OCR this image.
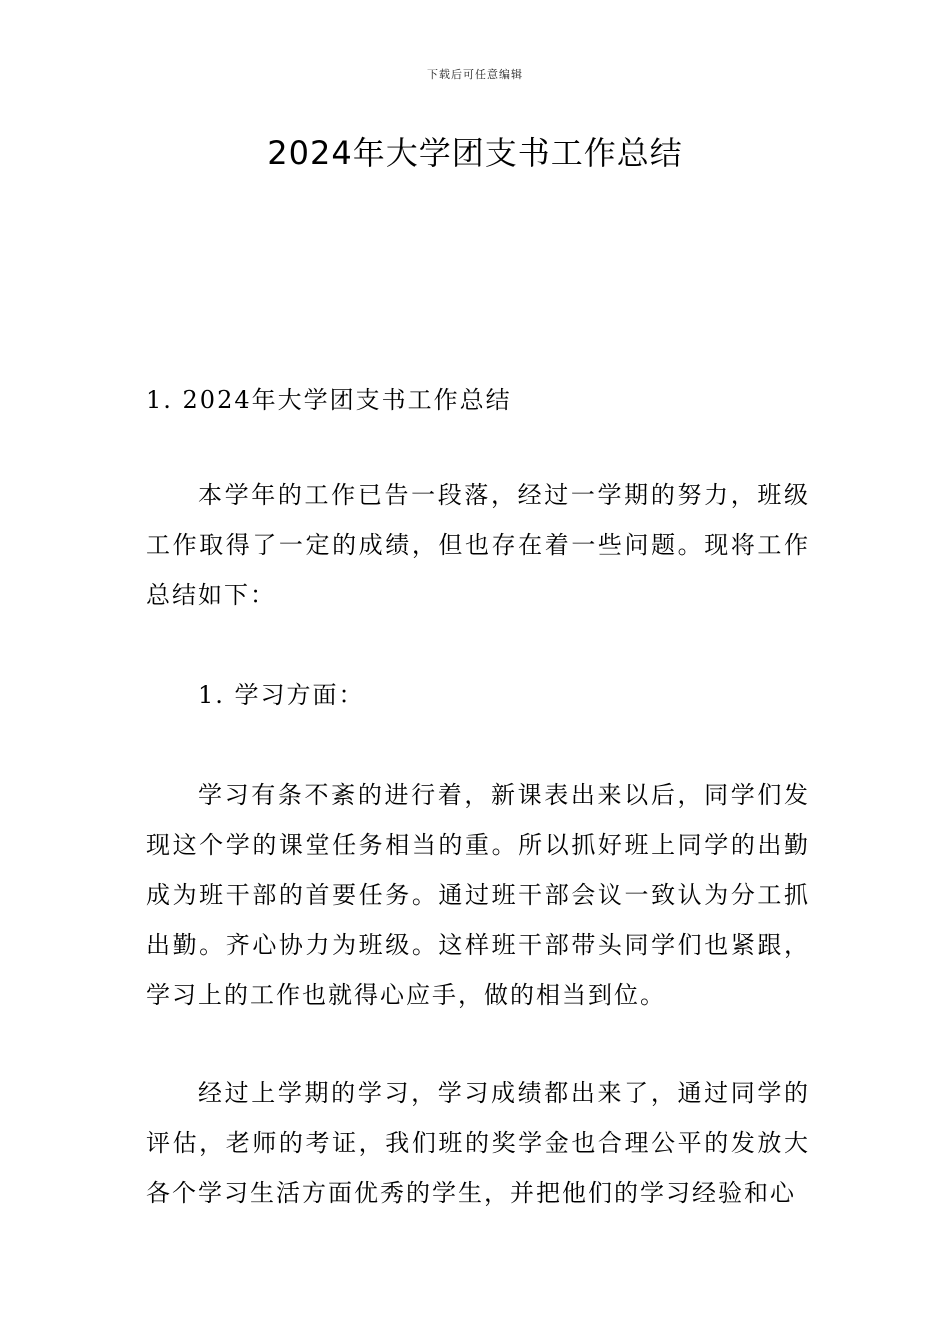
下载后可任意编辑
2024年大学团支书工作总结

1. 2024年大学团支书工作总结

本学年的工作已告一段落，经过一学期的努力，班级工作取得了一定的成绩，但也存在着一些问题。现将工作总结如下：

1. 学习方面：

学习有条不紊的进行着，新课表出来以后，同学们发现这个学的课堂任务相当的重。所以抓好班上同学的出勤成为班干部的首要任务。通过班干部会议一致认为分工抓出勤。齐心协力为班级。这样班干部带头同学们也紧跟，学习上的工作也就得心应手，做的相当到位。

经过上学期的学习，学习成绩都出来了，通过同学的评估，老师的考证，我们班的奖学金也合理公平的发放大各个学习生活方面优秀的学生，并把他们的学习经验和心
